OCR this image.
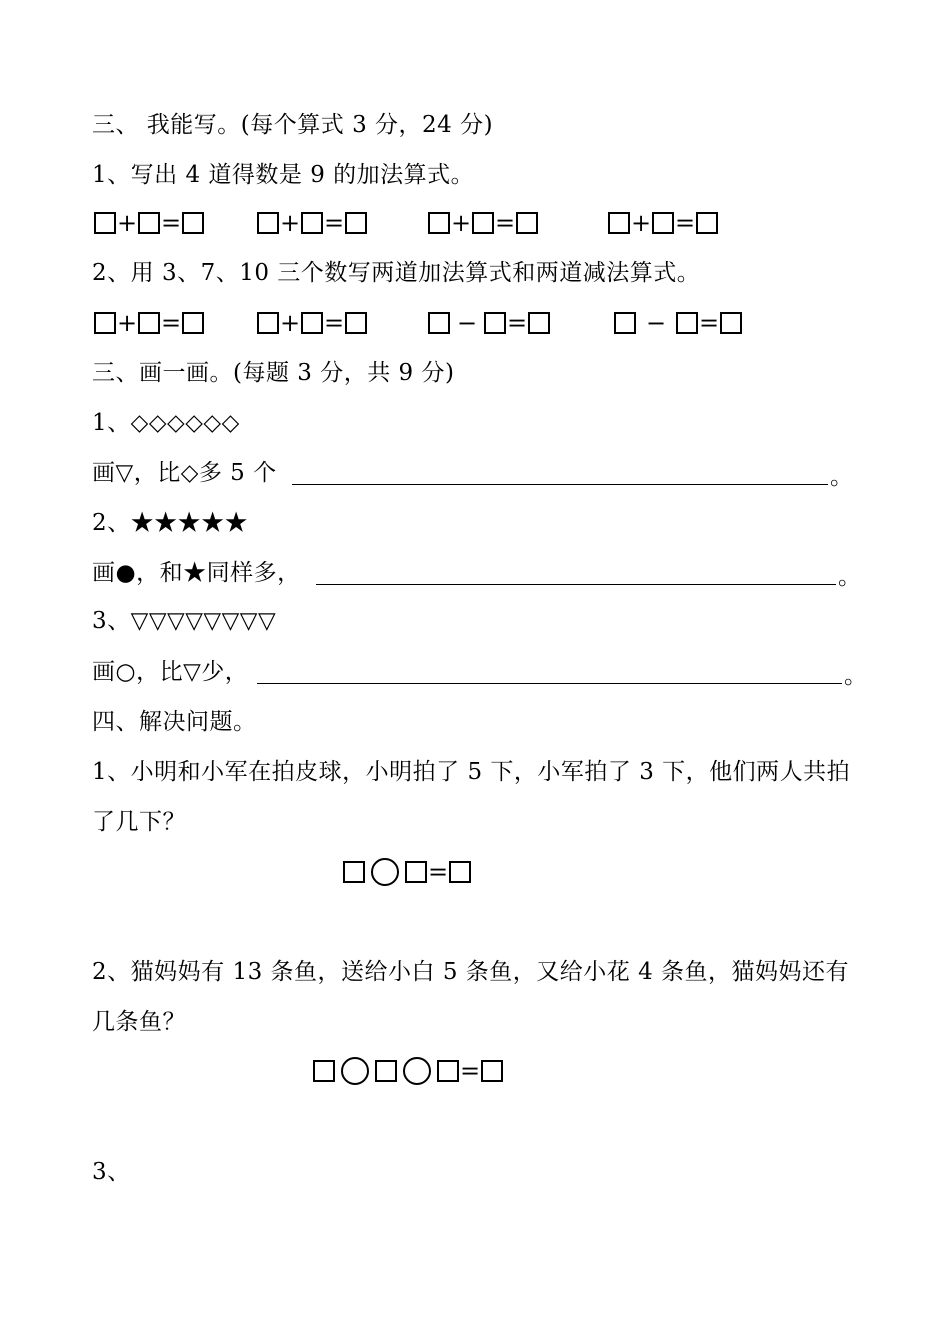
三、 我能写。(每个算式 3 分，24 分)
1、写出 4 道得数是 9 的加法算式。
+ =	+ =	+ =	+ =
2、用 3、7、10 三个数写两道加法算式和两道减法算式。
+ =	+ =	− =	−	=
三、画一画。(每题 3 分，共 9 分)
1、◇◇◇◇◇◇
画▽，比◇多 5 个	。
2、★★★★★
画●，和★同样多，	。
3、▽▽▽▽▽▽▽▽
画○，比▽少，	。
四、解决问题。
1、小明和小军在拍皮球，小明拍了 5 下，小军拍了 3 下，他们两人共拍
了几下？
=
2、猫妈妈有 13 条鱼，送给小白 5 条鱼，又给小花 4 条鱼，猫妈妈还有
几条鱼？
=
3、
